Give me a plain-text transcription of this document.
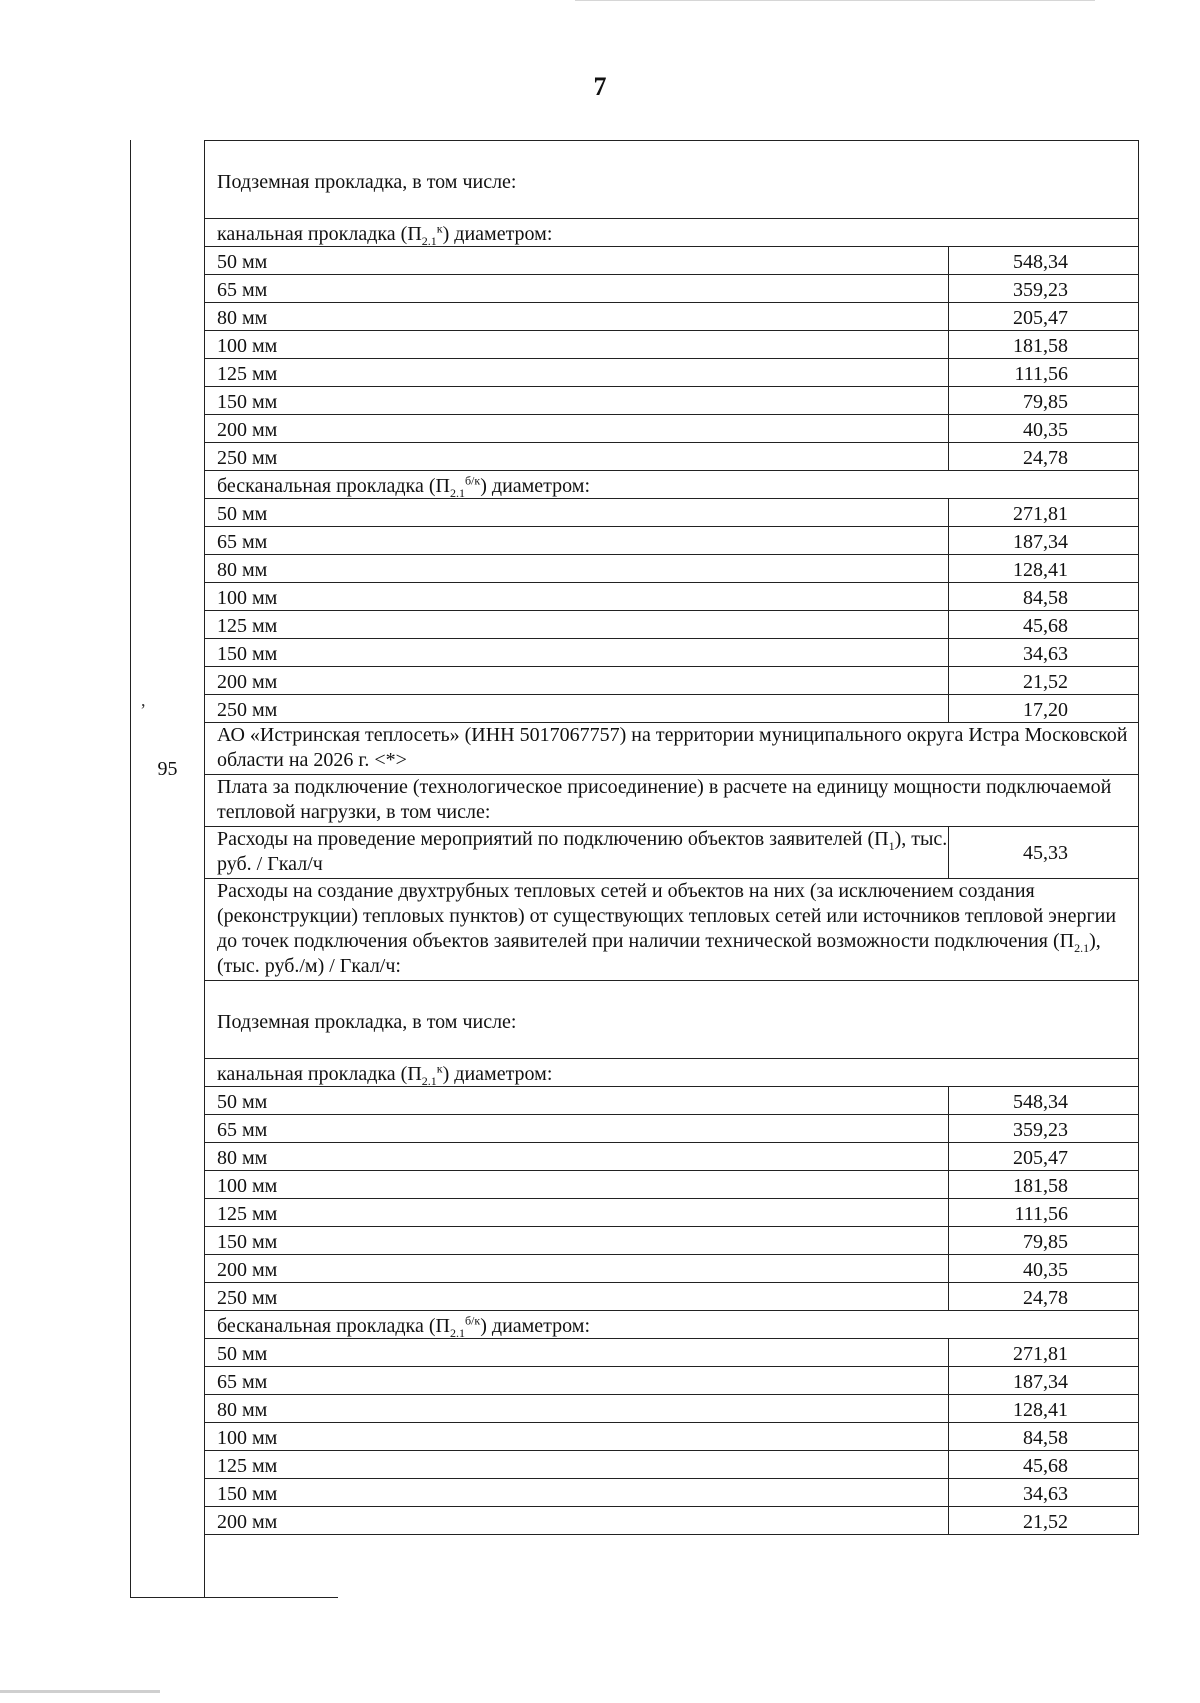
7
,
95
Подземная прокладка, в том числе:	
канальная прокладка $(П_{2.1}^к)$ диаметром:	
50 мм	548,34
65 мм	359,23
80 мм	205,47
100 мм	181,58
125 мм	111,56
150 мм	79,85
200 мм	40,35
250 мм	24,78
бесканальная прокладка $(П_{2.1}^{б/к})$ диаметром:	
50 мм	271,81
65 мм	187,34
80 мм	128,41
100 мм	84,58
125 мм	45,68
150 мм	34,63
200 мм	21,52
250 мм	17,20
АО «Истринская теплосеть» (ИНН 5017067757) на территории муниципального округа Истра Московской области на 2026 г. <*>	
Плата за подключение (технологическое присоединение) в расчете на единицу мощности подключаемой тепловой нагрузки, в том числе:	
Расходы на проведение мероприятий по подключению объектов заявителей $(П_1)$, тыс. руб. / Гкал/ч	45,33
Расходы на создание двухтрубных тепловых сетей и объектов на них (за исключением создания (реконструкции) тепловых пунктов) от существующих тепловых сетей или источников тепловой энергии до точек подключения объектов заявителей при наличии технической возможности подключения $(П_{2.1})$, (тыс. руб./м) / Гкал/ч:	
Подземная прокладка, в том числе:	
канальная прокладка $(П_{2.1}^к)$ диаметром:	
50 мм	548,34
65 мм	359,23
80 мм	205,47
100 мм	181,58
125 мм	111,56
150 мм	79,85
200 мм	40,35
250 мм	24,78
бесканальная прокладка $(П_{2.1}^{б/к})$ диаметром:	
50 мм	271,81
65 мм	187,34
80 мм	128,41
100 мм	84,58
125 мм	45,68
150 мм	34,63
200 мм	21,52
